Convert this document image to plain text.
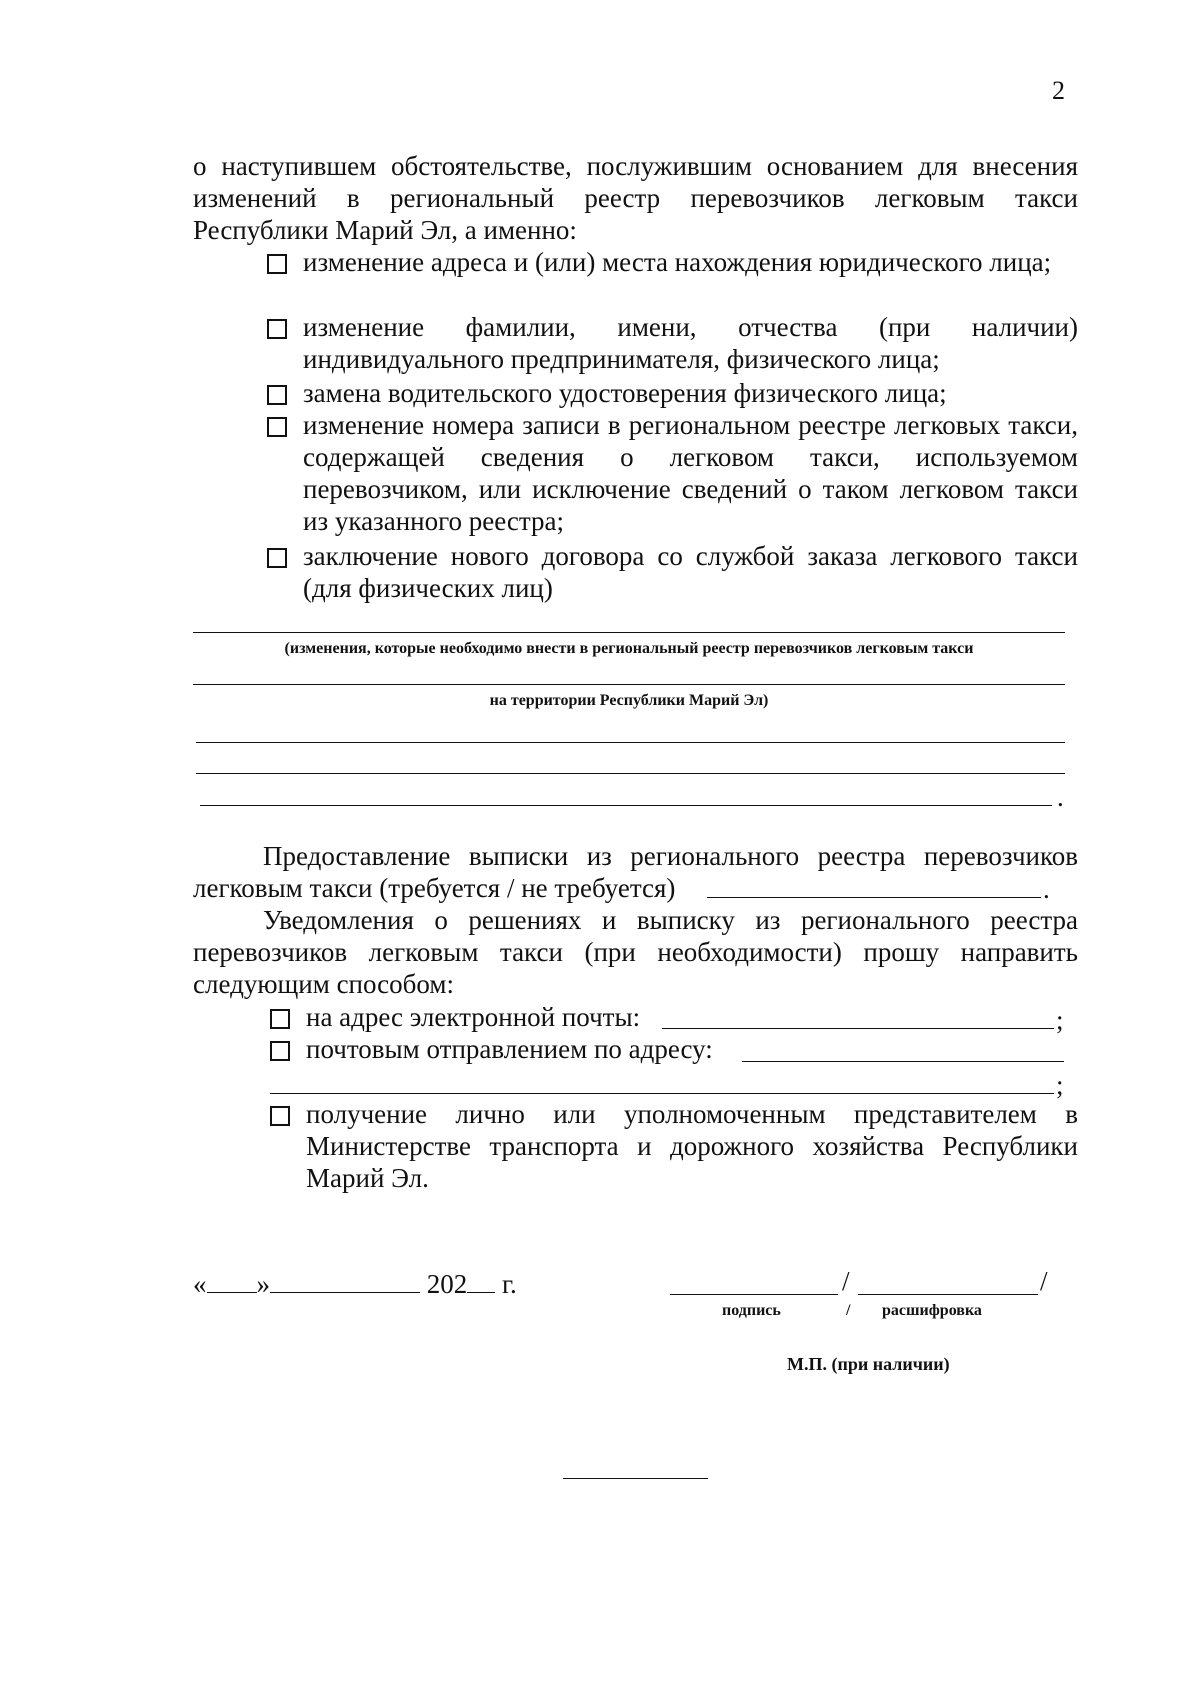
2
о наступившем обстоятельстве, послужившим основанием для внесения изменений в региональный реестр перевозчиков легковым такси Республики Марий Эл, а именно:
изменение адреса и (или) места нахождения юридического лица;
изменение фамилии, имени, отчества (при наличии) индивидуального предпринимателя, физического лица;
замена водительского удостоверения физического лица;
изменение номера записи в региональном реестре легковых такси, содержащей сведения о легковом такси, используемом перевозчиком, или исключение сведений о таком легковом такси из указанного реестра;
заключение нового договора со службой заказа легкового такси (для физических лиц)
(изменения, которые необходимо внести в региональный реестр перевозчиков легковым такси
на территории Республики Марий Эл)
.
Предоставление выписки из регионального реестра перевозчиков легковым такси (требуется / не требуется)	.
Уведомления о решениях и выписку из регионального реестра перевозчиков легковым такси (при необходимости) прошу направить следующим способом:
на адрес электронной почты:	;
почтовым отправлением по адресу:
;
получение лично или уполномоченным представителем в Министерстве транспорта и дорожного хозяйства Республики Марий Эл.
« »	202 г.	/	/
подпись	/ расшифровка
М.П. (при наличии)
